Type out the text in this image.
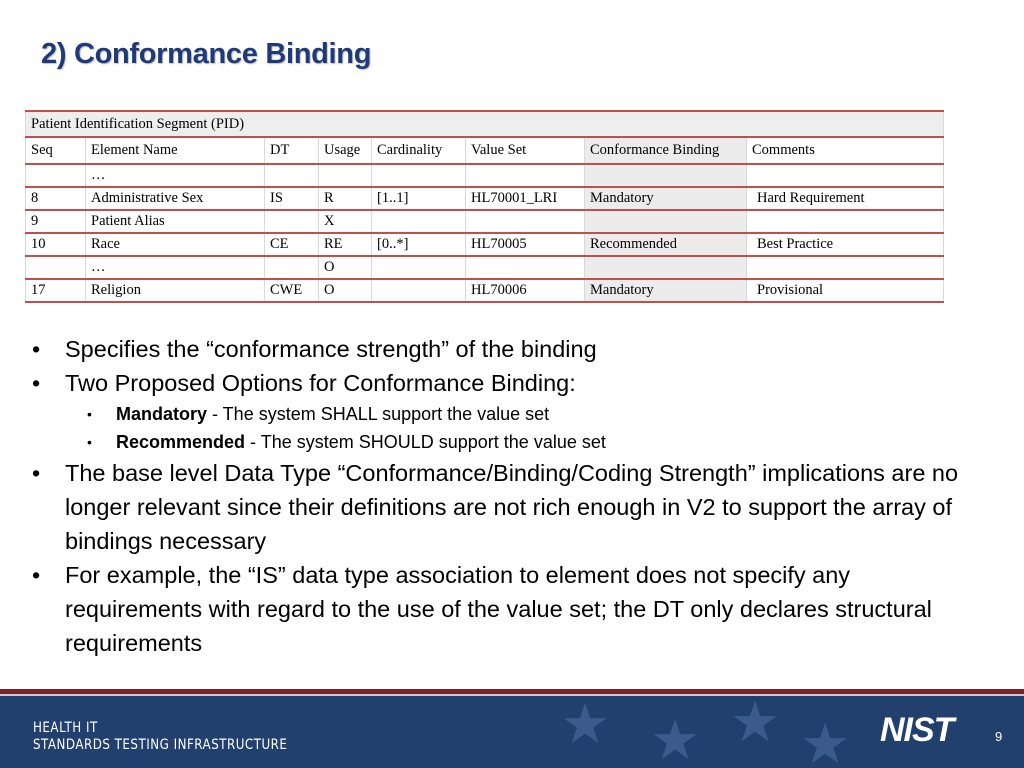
2) Conformance Binding
Patient Identification Segment (PID)							
Seq	Element Name	DT	Usage	Cardinality	Value Set	Conformance Binding	Comments
	…						
8	Administrative Sex	IS	R	[1..1]	HL70001_LRI	Mandatory	Hard Requirement
9	Patient Alias		X				
10	Race	CE	RE	[0..*]	HL70005	Recommended	Best Practice
	…		O				
17	Religion	CWE	O		HL70006	Mandatory	Provisional
• Specifies the “conformance strength” of the binding
• Two Proposed Options for Conformance Binding:
• Mandatory - The system SHALL support the value set
• Recommended - The system SHOULD support the value set
• The base level Data Type “Conformance/Binding/Coding Strength” implications are no longer relevant since their definitions are not rich enough in V2 to support the array of bindings necessary
• For example, the “IS” data type association to element does not specify any requirements with regard to the use of the value set; the DT only declares structural requirements
★ ★ ★ ★
HEALTH IT
STANDARDS TESTING INFRASTRUCTURE	NIST	9
